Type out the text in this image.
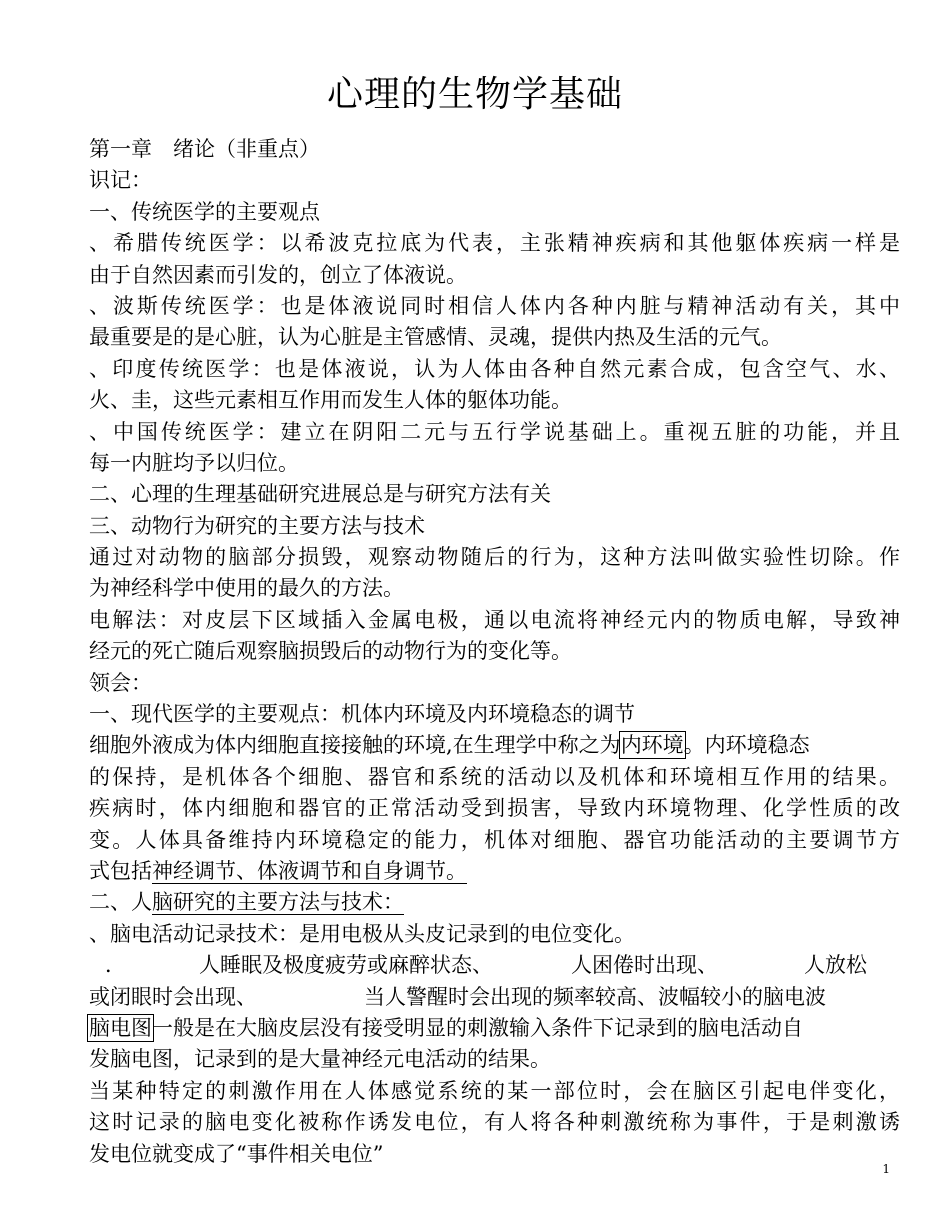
心理的生物学基础
第一章　绪论（非重点）
识记：
一、传统医学的主要观点
、希腊传统医学：以希波克拉底为代表，主张精神疾病和其他躯体疾病一样是
由于自然因素而引发的，创立了体液说。
、波斯传统医学：也是体液说同时相信人体内各种内脏与精神活动有关，其中
最重要是的是心脏，认为心脏是主管感情、灵魂，提供内热及生活的元气。
、印度传统医学：也是体液说，认为人体由各种自然元素合成，包含空气、水、
火、圭，这些元素相互作用而发生人体的躯体功能。
、中国传统医学：建立在阴阳二元与五行学说基础上。重视五脏的功能，并且
每一内脏均予以归位。
二、心理的生理基础研究进展总是与研究方法有关
三、动物行为研究的主要方法与技术
通过对动物的脑部分损毁，观察动物随后的行为，这种方法叫做实验性切除。作
为神经科学中使用的最久的方法。
电解法：对皮层下区域插入金属电极，通以电流将神经元内的物质电解，导致神
经元的死亡随后观察脑损毁后的动物行为的变化等。
领会：
一、现代医学的主要观点：机体内环境及内环境稳态的调节
细胞外液成为体内细胞直接接触的环境,在生理学中称之为内环境。内环境稳态
的保持，是机体各个细胞、器官和系统的活动以及机体和环境相互作用的结果。
疾病时，体内细胞和器官的正常活动受到损害，导致内环境物理、化学性质的改
变。人体具备维持内环境稳定的能力，机体对细胞、器官功能活动的主要调节方
式包括神经调节、体液调节和自身调节。
二、人脑研究的主要方法与技术：
、脑电活动记录技术：是用电极从头皮记录到的电位变化。
．	人睡眠及极度疲劳或麻醉状态、	人困倦时出现、	人放松
或闭眼时会出现、	当人警醒时会出现的频率较高、波幅较小的脑电波
脑电图一般是在大脑皮层没有接受明显的刺激输入条件下记录到的脑电活动自
发脑电图，记录到的是大量神经元电活动的结果。
当某种特定的刺激作用在人体感觉系统的某一部位时，会在脑区引起电伴变化，
这时记录的脑电变化被称作诱发电位，有人将各种刺激统称为事件，于是刺激诱
发电位就变成了“事件相关电位”
1
